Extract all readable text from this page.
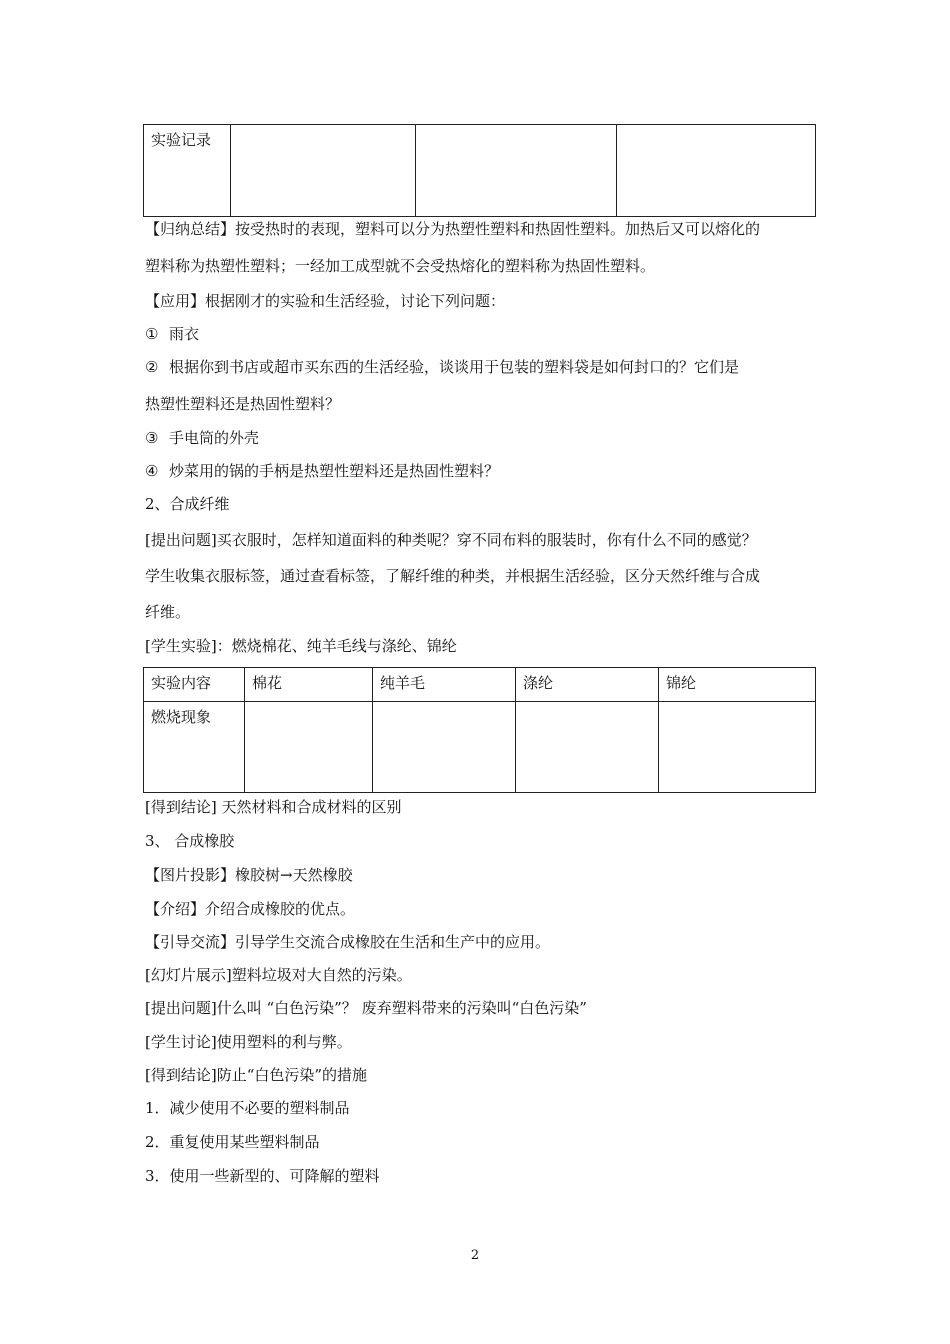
实验记录			
【归纳总结】按受热时的表现，塑料可以分为热塑性塑料和热固性塑料。加热后又可以熔化的
塑料称为热塑性塑料；一经加工成型就不会受热熔化的塑料称为热固性塑料。
【应用】根据刚才的实验和生活经验，讨论下列问题：
① 雨衣
② 根据你到书店或超市买东西的生活经验，谈谈用于包装的塑料袋是如何封口的？它们是
热塑性塑料还是热固性塑料？
③ 手电筒的外壳
④ 炒菜用的锅的手柄是热塑性塑料还是热固性塑料？
2、合成纤维
[提出问题]买衣服时，怎样知道面料的种类呢？穿不同布料的服装时，你有什么不同的感觉？
学生收集衣服标签，通过查看标签，了解纤维的种类，并根据生活经验，区分天然纤维与合成
纤维。
[学生实验]：燃烧棉花、纯羊毛线与涤纶、锦纶
实验内容	棉花	纯羊毛	涤纶	锦纶
燃烧现象				
[得到结论] 天然材料和合成材料的区别
3、 合成橡胶
【图片投影】橡胶树→天然橡胶
【介绍】介绍合成橡胶的优点。
【引导交流】引导学生交流合成橡胶在生活和生产中的应用。
[幻灯片展示]塑料垃圾对大自然的污染。
[提出问题]什么叫 “白色污染”？ 废弃塑料带来的污染叫“白色污染”
[学生讨论]使用塑料的利与弊。
[得到结论]防止“白色污染”的措施
1．减少使用不必要的塑料制品
2．重复使用某些塑料制品
3．使用一些新型的、可降解的塑料
2
